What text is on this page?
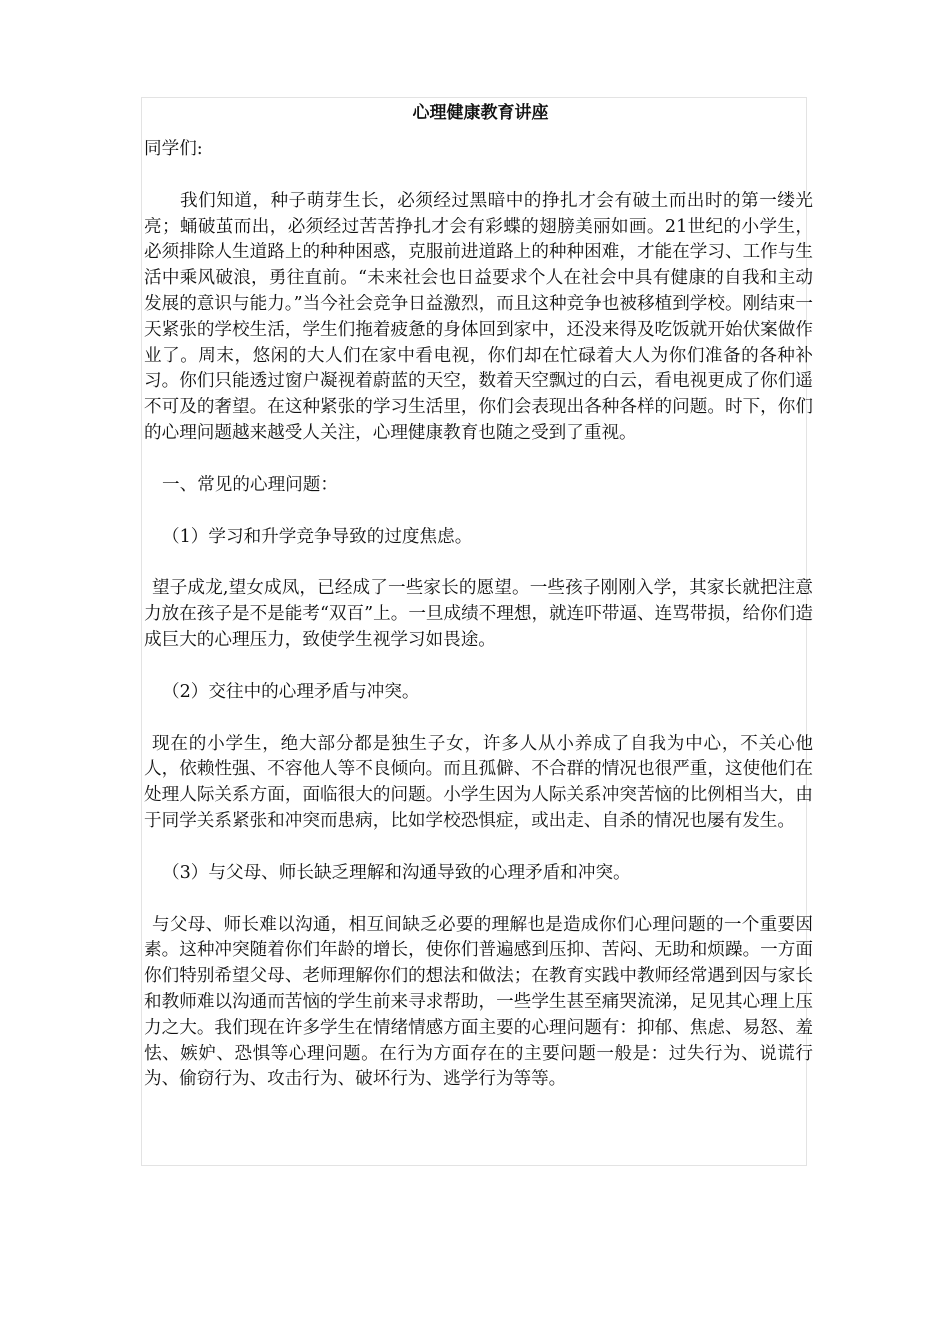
心理健康教育讲座
同学们:
我们知道，种子萌芽生长，必须经过黑暗中的挣扎才会有破土而出时的第一缕光亮；蛹破茧而出，必须经过苦苦挣扎才会有彩蝶的翅膀美丽如画。21世纪的小学生，必须排除人生道路上的种种困惑，克服前进道路上的种种困难，才能在学习、工作与生活中乘风破浪，勇往直前。“未来社会也日益要求个人在社会中具有健康的自我和主动发展的意识与能力。”当今社会竞争日益激烈，而且这种竞争也被移植到学校。刚结束一天紧张的学校生活，学生们拖着疲惫的身体回到家中，还没来得及吃饭就开始伏案做作业了。周末，悠闲的大人们在家中看电视，你们却在忙碌着大人为你们准备的各种补习。你们只能透过窗户凝视着蔚蓝的天空，数着天空飘过的白云，看电视更成了你们遥不可及的奢望。在这种紧张的学习生活里，你们会表现出各种各样的问题。时下，你们的心理问题越来越受人关注，心理健康教育也随之受到了重视。
一、常见的心理问题：
（1）学习和升学竞争导致的过度焦虑。
望子成龙,望女成凤，已经成了一些家长的愿望。一些孩子刚刚入学，其家长就把注意力放在孩子是不是能考“双百”上。一旦成绩不理想，就连吓带逼、连骂带损，给你们造成巨大的心理压力，致使学生视学习如畏途。
（2）交往中的心理矛盾与冲突。
现在的小学生，绝大部分都是独生子女，许多人从小养成了自我为中心，不关心他人，依赖性强、不容他人等不良倾向。而且孤僻、不合群的情况也很严重，这使他们在处理人际关系方面，面临很大的问题。小学生因为人际关系冲突苦恼的比例相当大，由于同学关系紧张和冲突而患病，比如学校恐惧症，或出走、自杀的情况也屡有发生。
（3）与父母、师长缺乏理解和沟通导致的心理矛盾和冲突。
与父母、师长难以沟通，相互间缺乏必要的理解也是造成你们心理问题的一个重要因素。这种冲突随着你们年龄的增长，使你们普遍感到压抑、苦闷、无助和烦躁。一方面你们特别希望父母、老师理解你们的想法和做法；在教育实践中教师经常遇到因与家长和教师难以沟通而苦恼的学生前来寻求帮助，一些学生甚至痛哭流涕，足见其心理上压力之大。我们现在许多学生在情绪情感方面主要的心理问题有：抑郁、焦虑、易怒、羞怯、嫉妒、恐惧等心理问题。在行为方面存在的主要问题一般是：过失行为、说谎行为、偷窃行为、攻击行为、破坏行为、逃学行为等等。
